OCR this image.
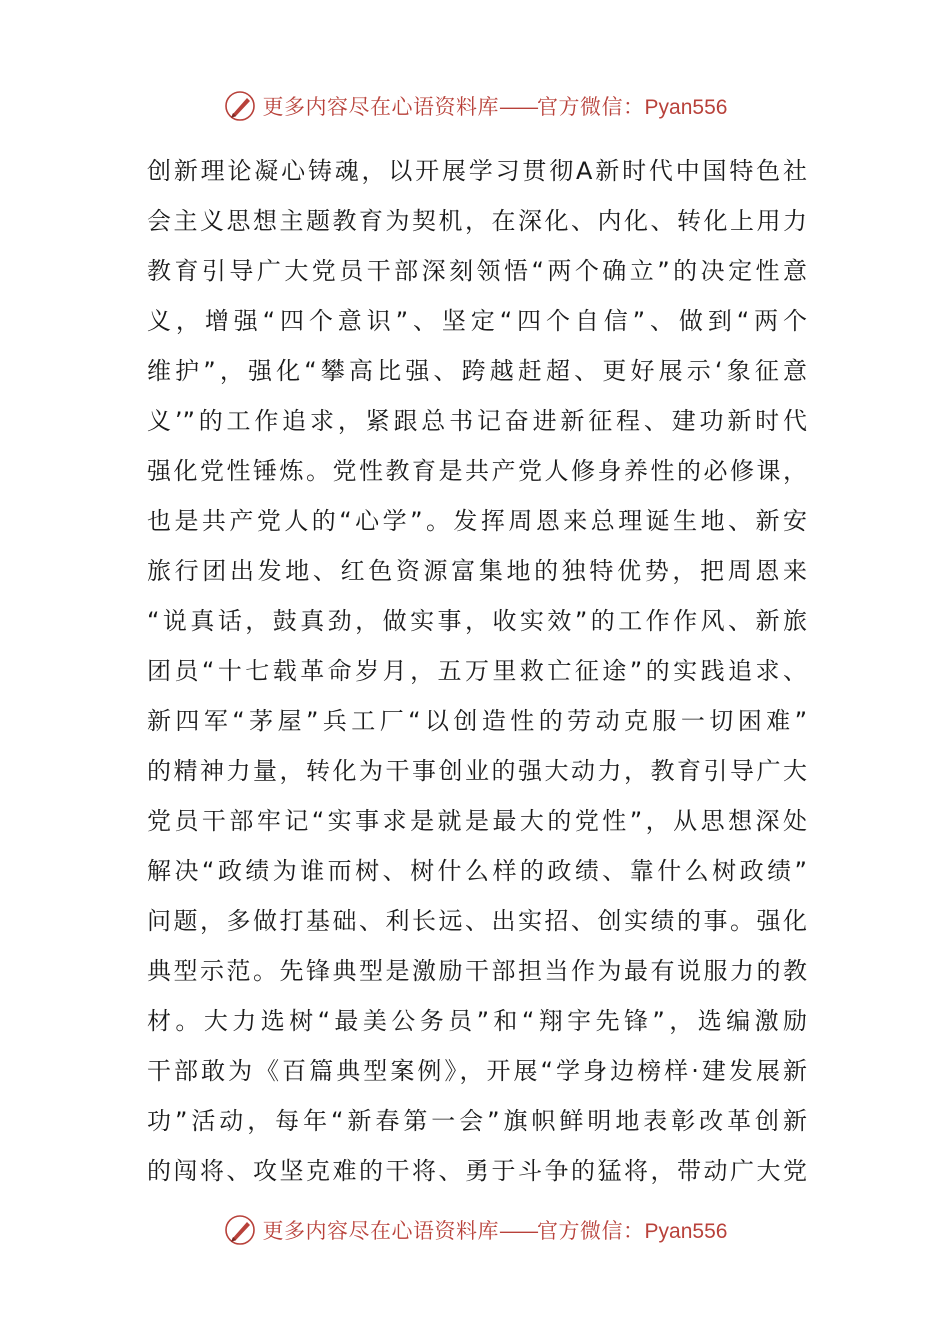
更多内容尽在心语资料库——官方微信：Pyan556
创新理论凝心铸魂，以开展学习贯彻A新时代中国特色社
会主义思想主题教育为契机，在深化、内化、转化上用力
教育引导广大党员干部深刻领悟“两个确立”的决定性意
义，增强“四个意识”、坚定“四个自信”、做到“两个
维护”，强化“攀高比强、跨越赶超、更好展示‘象征意
义’”的工作追求，紧跟总书记奋进新征程、建功新时代
强化党性锤炼。党性教育是共产党人修身养性的必修课，
也是共产党人的“心学”。发挥周恩来总理诞生地、新安
旅行团出发地、红色资源富集地的独特优势，把周恩来
“说真话，鼓真劲，做实事，收实效”的工作作风、新旅
团员“十七载革命岁月，五万里救亡征途”的实践追求、
新四军“茅屋”兵工厂“以创造性的劳动克服一切困难”
的精神力量，转化为干事创业的强大动力，教育引导广大
党员干部牢记“实事求是就是最大的党性”，从思想深处
解决“政绩为谁而树、树什么样的政绩、靠什么树政绩”
问题，多做打基础、利长远、出实招、创实绩的事。强化
典型示范。先锋典型是激励干部担当作为最有说服力的教
材。大力选树“最美公务员”和“翔宇先锋”，选编激励
干部敢为《百篇典型案例》，开展“学身边榜样·建发展新
功”活动，每年“新春第一会”旗帜鲜明地表彰改革创新
的闯将、攻坚克难的干将、勇于斗争的猛将，带动广大党
更多内容尽在心语资料库——官方微信：Pyan556
